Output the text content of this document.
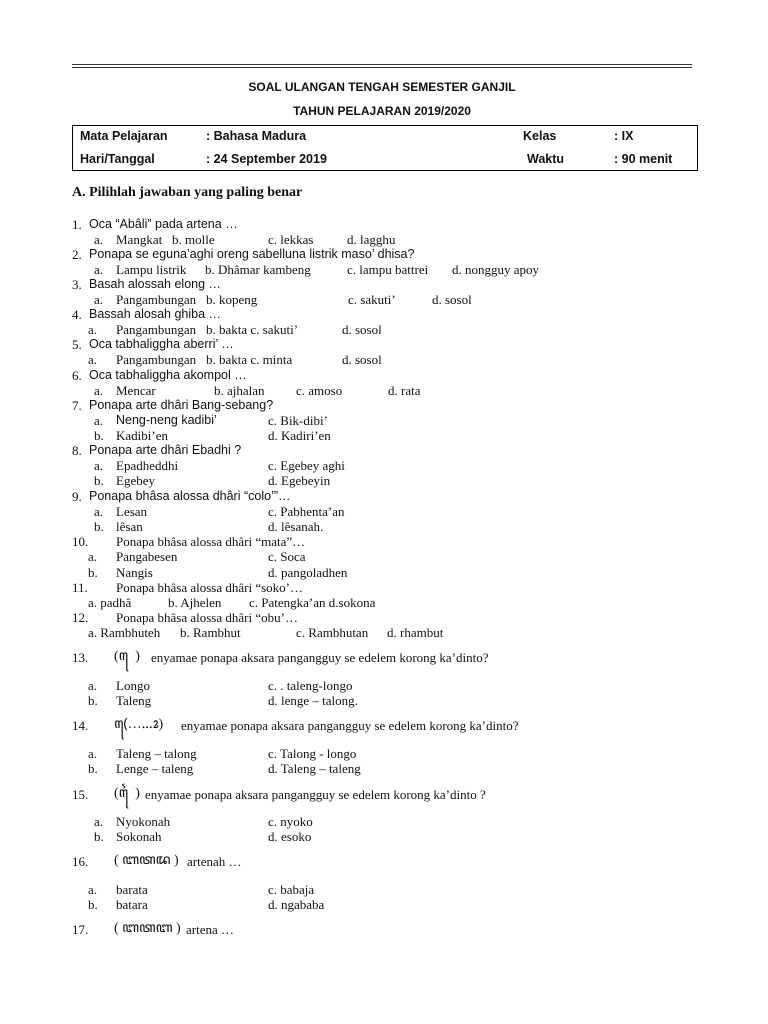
SOAL ULANGAN TENGAH SEMESTER GANJIL
TAHUN PELAJARAN 2019/2020
Mata Pelajaran	: Bahasa Madura	Kelas	: IX
Hari/Tanggal	: 24 September 2019	Waktu	: 90 menit
A. Pilihlah jawaban yang paling benar
1. Oca “Abâli” pada artena …
a. Mangkat b. molle	c. lekkas	d. lagghu
2. Ponapa se eguna’aghi oreng sabelluna listrik maso’ dhisa?
a. Lampu listrik b. Dhâmar kambeng	c. lampu battrei d. nongguy apoy
3. Basah alossah elong …
a. Pangambungan b. kopeng	c. sakuti’	d. sosol
4. Bassah alosah ghiba …
a. Pangambungan b. bakta c. sakuti’	d. sosol
5. Oca tabhaliggha aberri’ …
a. Pangambungan b. bakta c. minta	d. sosol
6. Oca tabhaliggha akompol …
a. Mencar	b. ajhalan c. amoso	d. rata
7. Ponapa arte dhâri Bang-sebang?
a. Neng-neng kadibi’	c. Bik-dibi’
b. Kadibi’en	d. Kadiri’en
8. Ponapa arte dhâri Ebadhi ?
a. Epadheddhi	c. Egebey aghi
b. Egebey	d. Egebeyin
9. Ponapa bhâsa alossa dhâri “colo’”…
a. Lesan	c. Pabhenta’an
b. lêsan	d. lêsanah.
10. Ponapa bhâsa alossa dhâri “mata”…
a. Pangabesen	c. Soca
b. Nangis	d. pangoladhen
11. Ponapa bhâsa alossa dhâri “soko’…
a. padhâ	b. Ajhelen c. Patengka’an d.sokona
12. Ponapa bhâsa alossa dhâri “obu’…
a. Rambhuteh b. Rambhut	c. Rambhutan d. rhambut
13. ( ꦺ ) enyamae ponapa aksara pangangguy se edelem korong ka’dinto?
a. Longo	c. . taleng-longo
b. Taleng	d. lenge – talong.
14. (ꦺ……ꦴ) enyamae ponapa aksara pangangguy se edelem korong ka’dinto?
a. Taleng – talong	c. Talong - longo
b. Lenge – taleng	d. Taleng – taleng
15. ( ꦻ ) enyamae ponapa aksara pangangguy se edelem korong ka’dinto ?
a. Nyokonah	c. nyoko
b. Sokonah	d. esoko
16. ( ꦧꦠꦢ ) artenah …
a. barata	c. babaja
b. batara	d. ngababa
17. ( ꦧꦠꦧ ) artena …
